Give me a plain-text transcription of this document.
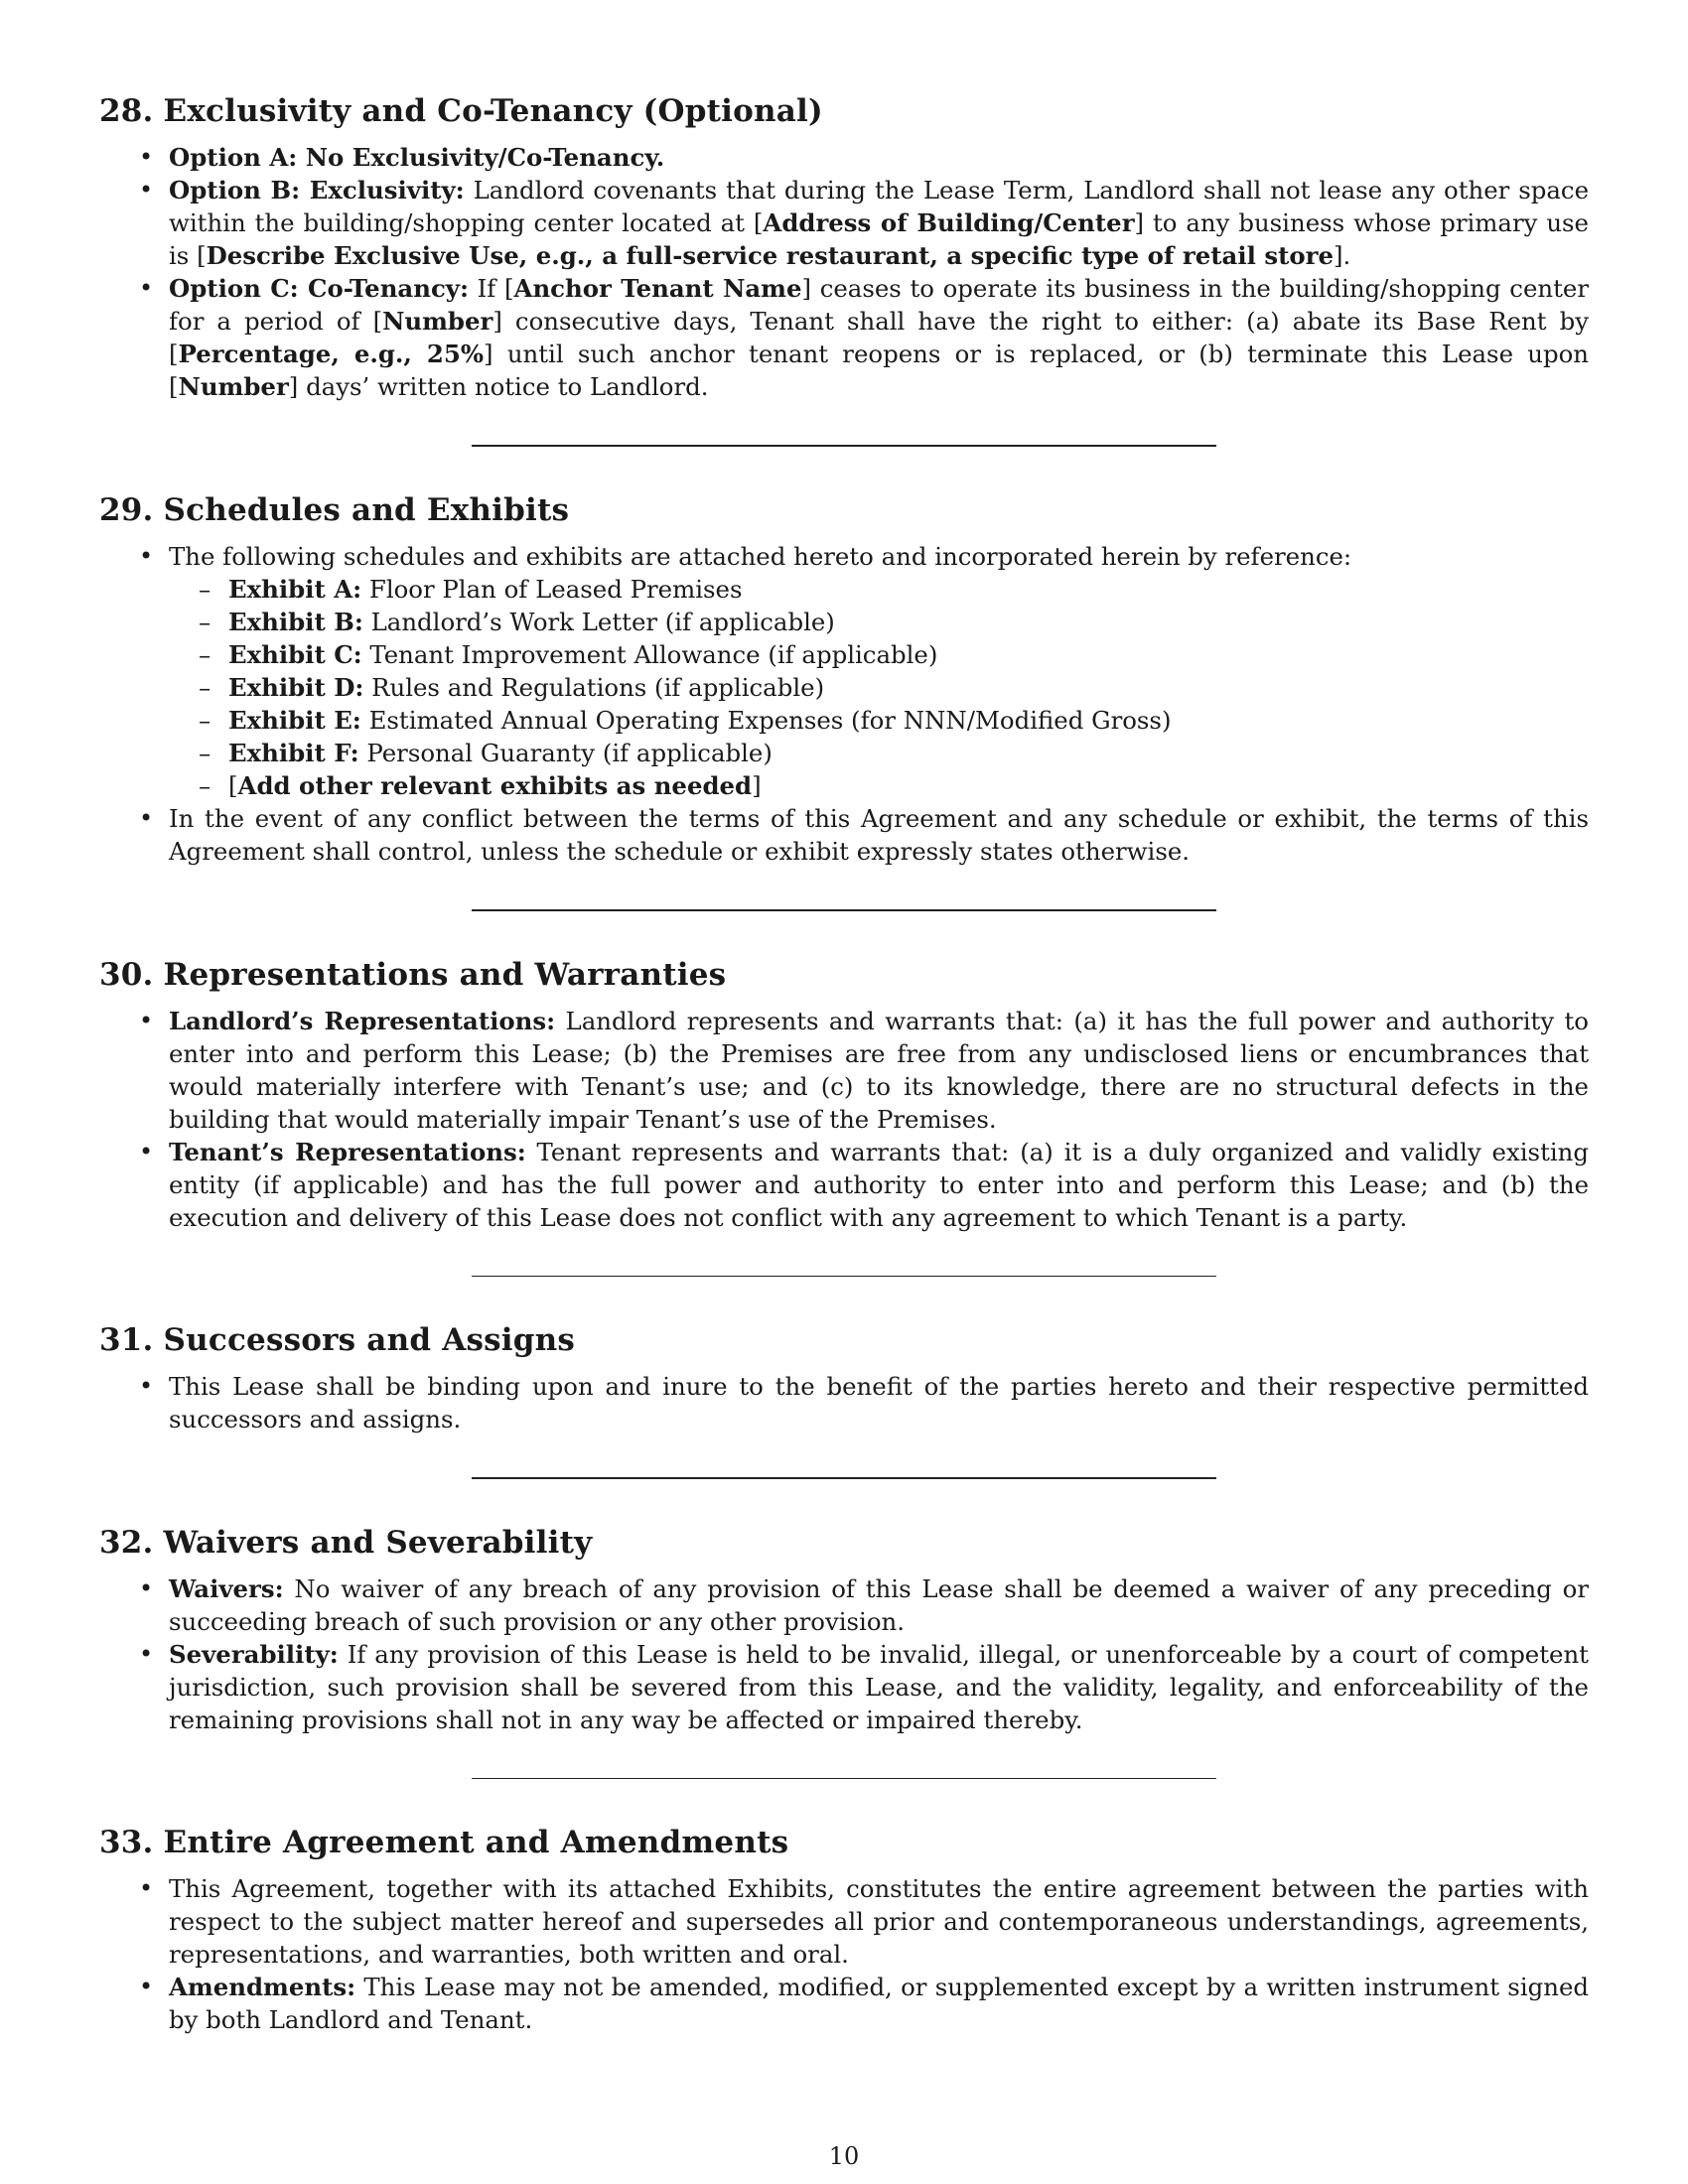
28. Exclusivity and Co-Tenancy (Optional)
• Option A: No Exclusivity/Co-Tenancy.
• Option B: Exclusivity: Landlord covenants that during the Lease Term, Landlord shall not lease any other space within the building/shopping center located at [Address of Building/Center] to any business whose primary use is [Describe Exclusive Use, e.g., a full-service restaurant, a specific type of retail store].
• Option C: Co-Tenancy: If [Anchor Tenant Name] ceases to operate its business in the building/shopping center for a period of [Number] consecutive days, Tenant shall have the right to either: (a) abate its Base Rent by [Percentage, e.g., 25%] until such anchor tenant reopens or is replaced, or (b) terminate this Lease upon [Number] days’ written notice to Landlord.
29. Schedules and Exhibits
• The following schedules and exhibits are attached hereto and incorporated herein by reference:
– Exhibit A: Floor Plan of Leased Premises
– Exhibit B: Landlord’s Work Letter (if applicable)
– Exhibit C: Tenant Improvement Allowance (if applicable)
– Exhibit D: Rules and Regulations (if applicable)
– Exhibit E: Estimated Annual Operating Expenses (for NNN/Modified Gross)
– Exhibit F: Personal Guaranty (if applicable)
– [Add other relevant exhibits as needed]
• In the event of any conflict between the terms of this Agreement and any schedule or exhibit, the terms of this Agreement shall control, unless the schedule or exhibit expressly states otherwise.
30. Representations and Warranties
• Landlord’s Representations: Landlord represents and warrants that: (a) it has the full power and authority to enter into and perform this Lease; (b) the Premises are free from any undisclosed liens or encumbrances that would materially interfere with Tenant’s use; and (c) to its knowledge, there are no structural defects in the building that would materially impair Tenant’s use of the Premises.
• Tenant’s Representations: Tenant represents and warrants that: (a) it is a duly organized and validly existing entity (if applicable) and has the full power and authority to enter into and perform this Lease; and (b) the execution and delivery of this Lease does not conflict with any agreement to which Tenant is a party.
31. Successors and Assigns
• This Lease shall be binding upon and inure to the benefit of the parties hereto and their respective permitted successors and assigns.
32. Waivers and Severability
• Waivers: No waiver of any breach of any provision of this Lease shall be deemed a waiver of any preceding or succeeding breach of such provision or any other provision.
• Severability: If any provision of this Lease is held to be invalid, illegal, or unenforceable by a court of competent jurisdiction, such provision shall be severed from this Lease, and the validity, legality, and enforceability of the remaining provisions shall not in any way be affected or impaired thereby.
33. Entire Agreement and Amendments
• This Agreement, together with its attached Exhibits, constitutes the entire agreement between the parties with respect to the subject matter hereof and supersedes all prior and contemporaneous understandings, agreements, representations, and warranties, both written and oral.
• Amendments: This Lease may not be amended, modified, or supplemented except by a written instrument signed by both Landlord and Tenant.
10
